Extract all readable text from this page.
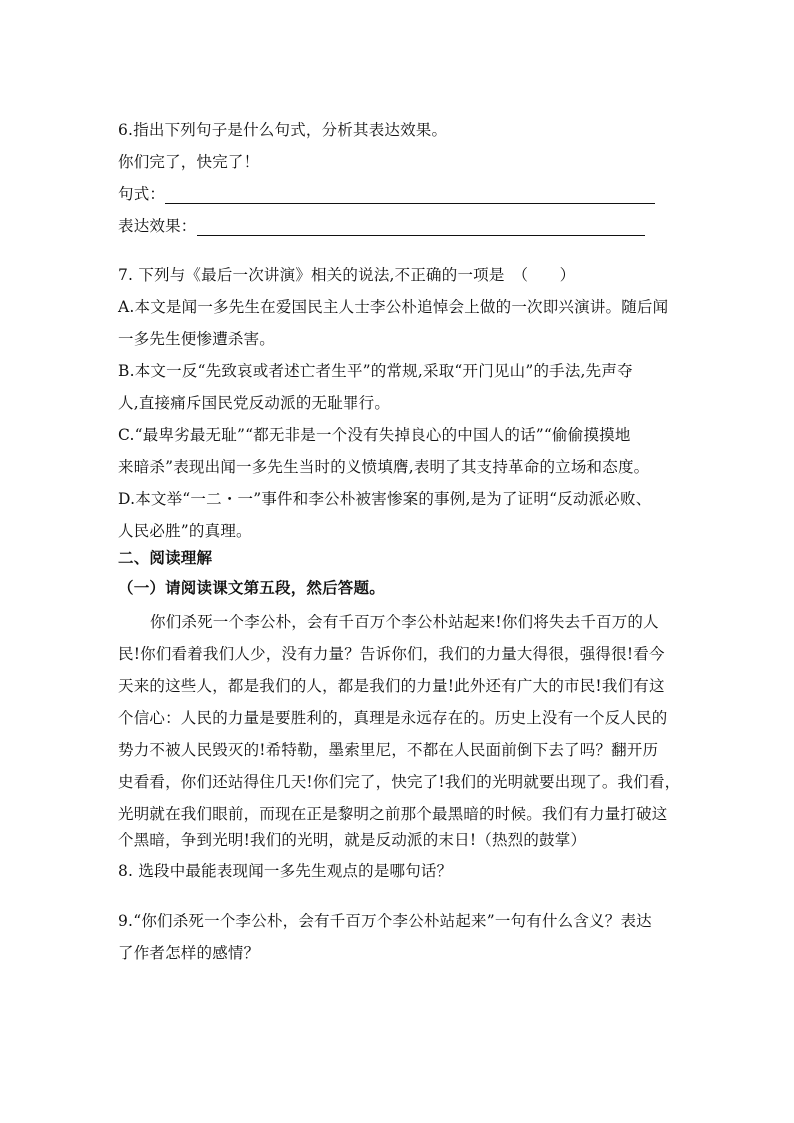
6.指出下列句子是什么句式，分析其表达效果。
你们完了，快完了！
句式：
表达效果：
7. 下列与《最后一次讲演》相关的说法,不正确的一项是　（　　）
A.本文是闻一多先生在爱国民主人士李公朴追悼会上做的一次即兴演讲。随后闻
一多先生便惨遭杀害。
B.本文一反“先致哀或者述亡者生平”的常规,采取“开门见山”的手法,先声夺
人,直接痛斥国民党反动派的无耻罪行。
C.“最卑劣最无耻”“都无非是一个没有失掉良心的中国人的话”“偷偷摸摸地
来暗杀”表现出闻一多先生当时的义愤填膺,表明了其支持革命的立场和态度。
D.本文举“一二・一”事件和李公朴被害惨案的事例,是为了证明“反动派必败、
人民必胜”的真理。
二、阅读理解
（一）请阅读课文第五段，然后答题。
你们杀死一个李公朴，会有千百万个李公朴站起来!你们将失去千百万的人
民!你们看着我们人少，没有力量？告诉你们，我们的力量大得很，强得很!看今
天来的这些人，都是我们的人，都是我们的力量!此外还有广大的市民!我们有这
个信心：人民的力量是要胜利的，真理是永远存在的。历史上没有一个反人民的
势力不被人民毁灭的!希特勒，墨索里尼，不都在人民面前倒下去了吗？翻开历
史看看，你们还站得住几天!你们完了，快完了!我们的光明就要出现了。我们看，
光明就在我们眼前，而现在正是黎明之前那个最黑暗的时候。我们有力量打破这
个黑暗，争到光明!我们的光明，就是反动派的末日!（热烈的鼓掌）
8. 选段中最能表现闻一多先生观点的是哪句话？
9.“你们杀死一个李公朴，会有千百万个李公朴站起来”一句有什么含义？表达
了作者怎样的感情？
